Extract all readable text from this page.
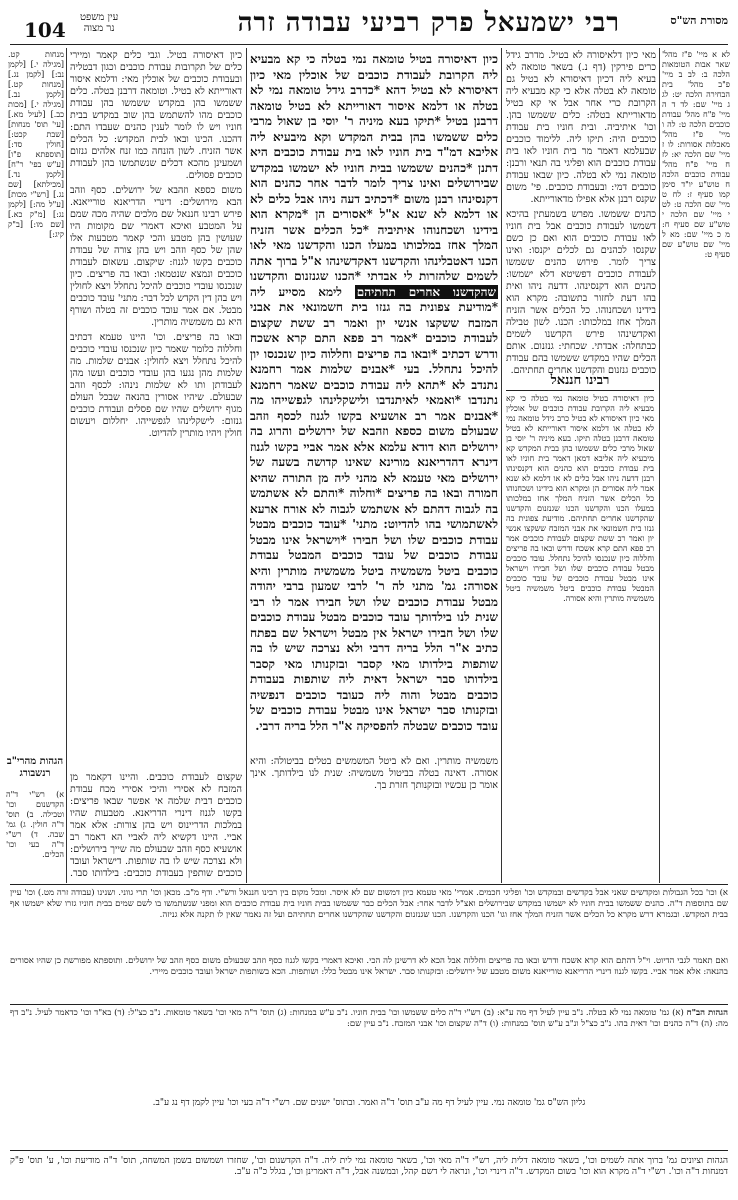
מסורת הש"ס
רבי ישמעאל פרק רביעי עבודה זרה
104
עין משפט
נר מצוה

לא א מיי' פ"ז מהל' שאר אבות הטומאות הלכה ב: לב ב מיי' פ"ב מהל' בית הבחירה הלכה יט: לג ג מיי' שם: לד ד ה מיי' פ"ח מהל' עבודת כוכבים הלכה ט: לה ו מיי' פ"ז מהל' מאכלות אסורות: לו ז מיי' שם הלכה יא: לז ח מיי' פ"ח מהל' עבודת כוכבים הלכה ח טוש"ע יו"ד סימן קמו סעיף ז: לח ט מיי' שם הלכה ט: לט י מיי' שם הלכה י טוש"ע שם סעיף ח: מ כ מיי' שם: מא ל מיי' שם טוש"ע שם סעיף ט:

מאי כיון דלאיסורה לא בטיל. מדרב גידל כרים פירקין (דף נ.) בשאר טומאה לא בעיא ליה דכיון דאיסורא לא בטיל גם טומאה לא בטלה אלא כי קא מבעיא ליה הקרובת כרי אחר אבל אי קא בטיל מדאורייתא בטלה: כלים ששמשו בהן. וכו' איתיביה. ובית חוניו בית עבודת כוכבים היה: תיקו ליה. ללימוד כוכבים שבעלמא דאמר מר בית חוניו לאו בית עבודת כוכבים הוא ופליגי בה תנאי ורבנן: טומאה נמי לא בטלה. כיון שבאו עבודת כוכבים דמי: ובעבודת כוכבים. פי' משום שקנס רבנן אלא אפילו מדאורייתא.

כהנים ששמשו. מפרש בשמעתין בהיכא דשמשו לעבודת כוכבים אבל בית חוניו לאו עבודת כוכבים הוא ואם כן כשם שקנסו לכהנים גם לכלים יקנסו: ואינו צריך לומר. פירוש כהנים ששמשו לעבודת כוכבים דפשיטא דלא ישמשו: כהנים הוא דקנסינהו. דדעה ניהו ואית בהו דעת לחזור בתשובה: מקרא הוא בידינו ושכחנוהו. כל הכלים אשר הזניח המלך אחז במלכותו: הכנו. לשון טבילה ואקדשינהו פירש הקדשנו לשמים כבתחלה: אבדתי. שכחתי: גנזנום. אותם הכלים שהיו במקדש ששמשו בהם עבודת כוכבים גנזנום והקדשנו אחרים תחתיהם.

רבינו חננאל

כיון דאיסורה בטיל טומאה נמי בטלה כי קא מבעיא ליה הקרובת עבודת כוכבים של אוכלין מאי כיון דאיסורא לא בטיל כרב גידל טומאה נמי לא בטלה או דלמא איסור דאורייתא לא בטיל טומאה דרבנן בטלה תיקו. בעא מיניה ר' יוסי בן שאול מרבי כלים ששמשו בהן בבית המקדש קא מיבעיא ליה אליבא דמאן דאמר בית חוניו לאו בית עבודת כוכבים הוא כהנים הוא דקנסינהו רבנן דדעה ניהו אבל כלים לא או דלמא לא שנא אמר ליה אסורים הן ומקרא הוא בידינו ושכחנוהו כל הכלים אשר הזניח המלך אחז במלכותו במעלו הכנו והקדשנו הכנו שגנזנום והקדשנו שהקדשנו אחרים תחתיהם. מודיעת צפונית בה גנזו בית חשמונאי את אבני המזבח ששקצו אנשי יון ואמר רב ששת שקצום לעבודת כוכבים אמר רב פפא התם קרא אשכח ודרש ובאו בה פריצים וחללוה כיון שנכנסו להיכל נתחלל. עובד כוכבים מבטל עבודת כוכבים שלו ושל חבירו וישראל אינו מבטל עבודת כוכבים של עובד כוכבים המבטל עבודת כוכבים ביטל משמשיה ביטל משמשיה מותרין והיא אסורה.

כיון דאיסורה בטיל טומאה נמי בטלה כי קא מבעיא ליה הקרובת לעבודת כוכבים של אוכלין מאי כיון דאיסורא לא בטיל דהא *כדרב גידל טומאה נמי לא בטלה או דלמא איסור דאורייתא לא בטיל טומאה דרבנן בטיל *תיקו בעא מיניה ר' יוסי בן שאול מרבי כלים ששמשו בהן בבית המקדש וקא מיבעיא ליה אליבא דמ"ד בית חוניו לאו בית עבודת כוכבים היא דתנן *כהנים ששמשו בבית חוניו לא ישמשו במקדש שבירושלים ואינו צריך לומר לדבר אחר כהנים הוא דקנסינהו רבנן משום *דכתיב דעה ניהו אבל כלים לא או דלמא לא שנא א"ל *אסורים הן *מקרא הוא בידינו ושכחנוהו איתיביה *כל הכלים אשר הזניח המלך אחז במלכותו במעלו הכנו והקדשנו מאי לאו הכנו דאטבלינהו והקדשנו דאקדשינהו א"ל ברוך אתה לשמים שלהזרות לי אבדתי *הכנו שגנזנום והקדשנו שהקדשנו אחרים תחתיהם לימא מסייע ליה *מודיעת צפונית בה גנזו בית חשמונאי את אבני המזבח ששקצו אנשי יון ואמר רב ששת שקצום לעבודת כוכבים *אמר רב פפא התם קרא אשכח ודרש דכתיב *ובאו בה פריצים וחללוה כיון שנכנסו יון להיכל נתחלל. בעי *אבנים שלמות אמר רחמנא נתנדב לא *תהא ליה עבודת כוכבים שאמר רחמנא נתנדבו *ואמאי לאיתנדבו ולישקלינהו לגפשייהו מה *אבנים אמר רב אושעיא בקשו לגנוז לכסף וזהב שבעולם משום כספא וזהבא של ירושלים והרוג בה ירושלים הוא דודא עלמא אלא אמר אביי בקשו לגנוז דינרא דהדריאנא מורינא שאינו קדושה בשעה של ירושלים מאי טעמא לא מהני ליה מן התורה שהיא חמורה ובאו בה פריצים *וחלוה *והתם לא אשתמש בה לגבוה דהתם לא אשתמש לגבוה לא אורח ארעא לאשתמושי בהו להדיוט: מתני' *עובד כוכבים מבטל עבודת כוכבים שלו ושל חבירו *וישראל אינו מבטל עבודת כוכבים של עובד כוכבים המבטל עבודת כוכבים ביטל משמשיה ביטל משמשיה מותרין והיא אסורה: גמ' מתני לה ר' לרבי שמעון ברבי יהודה מבטל עבודת כוכבים שלו ושל חבירו אמר לו רבי שנית לנו בילדותך עובד כוכבים מבטל עבודת כוכבים שלו ושל חבירו ישראל אין מבטל וישראל שם בפתח כתיב א"ר הלל בריה דרבי ולא נצרכה שיש לו בה שותפות בילדותו מאי קסבר ובזקנותו מאי קסבר בילדותו סבר ישראל דאית ליה שותפות בעבודת כוכבים מבטל והוה ליה כעובד כוכבים דנפשיה ובזקנותו סבר ישראל אינו מבטל עבודת כוכבים של עובד כוכבים שבטלה להפסיקה א"ר הלל בריה דרבי.

כיון דאיסורה בטיל. וגבי כלים קאמר ומיירי כלים של תקרובות עבודת כוכבים וכגון דבטליה ובעבודת כוכבים של אוכלין מאי: ודלמא איסור דאורייתא לא בטיל. וטומאה דרבנן בטלה. כלים ששמשו בהן במקדש ששמשו בהן עבודת כוכבים מהו להשתמש בהן שוב במקדש בבית חוניו ויש לו לומר לענין כהנים שעבדו התם: דהכנו. הכינו ובאו לבית המקדש: כל הכלים אשר הזניח. לשון הזנחה כמו זנח אלהים גנזום ושמעינן מהכא דכלים שנשתמשו בהן לעבודת כוכבים פסולים.

משום כספא וזהבא של ירושלים. כסף וזהב הבא מירושלים: דינרי הדריאנא טורייאנא. פירש רבינו חננאל שם מלכים שהיה מכה שמם על המטבע ואיכא דאמרי שם מקומות היו שעושין בהן מטבע והכי קאמר מטבעות אלו שהן של כסף וזהב ויש בהן צורה של עבודת כוכבים בקשו לגנוז: שיקצום. עשאום לעבודת כוכבים ונמצא שנטמאו: ובאו בה פריצים. כיון שנכנסו עובדי כוכבים להיכל נתחלל ויצא לחולין ויש בהן דין הקדש לכל דבר: מתני' עובד כוכבים מבטל. אם אמר עובד כוכבים זה בטלה ושורף היא גם משמשיה מותרין.

ובאו בה פריצים. וכו' היינו טעמא דכתיב וחללוה כלומר שאמר כיון שנכנסו עובדי כוכבים להיכל נתחלל ויצא לחולין: אבנים שלמות. מה שלמות מהן נגעו בהן עובדי כוכבים ועשו מהן לעבודתן ותו לא שלמות נינהו: לכסף וזהב שבעולם. שיהיו אסורין בהנאה שבכל העולם מגוף ירושלים שהיו שם פסלים ועבודת כוכבים גנזום: לישקלינהו לגפשייהו. יחללום ויעשום חולין ויהיו מותרין להדיוט.

מנחות קט. [מגילה י.] [לקמן נב:] [לקמן נג.] [מנחות קט.] [לקמן נב.] [מגילה י.] [מכות כב.] [לעיל מא.] [עי' תוס' מנחות] [שבת קכט:] [חולין סד:] [תוספתא פ"ו] [ע"ש בפי' ר"ח] [לקמן נד.] [מכילתא] [שם נג.] [רש"י מכות] [ע"ל מה:] [לקמן נג:] [מ"ק כא.] [שם מו:] [ב"ק קיג:]

הגהות מהרי"ב רנשבורג

א) רש"י ד"ה הקדשנום וכו' וטבילה. ב) תוס' ד"ה חולין. ג) גמ' שבה. ד) רש"י ד"ה בעי וכו' הכלים.

שקצום לעבודת כוכבים. והיינו דקאמר מן המזבח לא אסירי והיכי אסירי מכח עבודת כוכבים דבית שלמה אי אפשר שבאו פריצים: בקשו לגנוז דינרי הדריאנא. מטבעות שהיו במלכות הדריינוס ויש בהן צורות: אלא אמר אביי. היינו דקשיא ליה לאביי הא דאמר רב אושעיא כסף וזהב שבעולם מה שייך בירושלים: ולא נצרכה שיש לו בה שותפות. דישראל ועובד כוכבים שותפין בעבודת כוכבים: בילדותו סבר.

משמשיה מותרין. ואם לא ביטל המשמשים בטלים בביטולה: והיא אסורה. דאינה בטלה בביטול משמשיה: שנית לנו בילדותך. אינך אומר כן עכשיו ובזקנותך חזרת בך.

א) וכו' בכל הגבולות ומקדשים שאני אבל בקדשים ובמקדש וכו' ופליגי חכמים. אמרי' מאי טעמא כיון דמשום שם לא איסר. ומכל מקום בין רבינו חננאל ורש"י. ודף מ"ב. מכאן וכו' תרי גווני. ושנינו (עבודה זרה מט.) וכו' עיין שם בתוספות ד"ה. כהנים ששמשו בבית חוניו לא ישמשו במקדש שבירושלים ואצ"ל לדבר אחר: אבל הכלים כבר ששמשו בבית חוניו בית עבודת כוכבים הוא ומפני שנשתמשו בו לשם שמים בבית חוניו גזרו שלא ישמשו אף בבית המקדש. ובגמרא דרש מקרא כל הכלים אשר הזניח המלך אחז וגו' הכנו והקדשנו. הכנו שגנזנום והקדשנו שהקדשנו אחרים תחתיהם ועל זה נאמר שאין לו תקנה אלא גניזה.
ואם תאמר לגבי הדיוט. וי"ל דהתם הוא קרא אשכח ודרש ובאו בה פריצים וחללוה אבל הכא לא דרשינן לה הכי. ואיכא דאמרי בקשו לגנוז כסף וזהב שבעולם משום כסף וזהב של ירושלים. ותוספתא מפורשת כן שהיו אסורים בהנאה: אלא אמר אביי. בקשו לגנוז דינרי הדריאנא טורייאנא משום מטבע של ירושלים: ובזקנותו סבר. ישראל אינו מבטל כלל: ושותפות. הכא בשותפות ישראל ועובד כוכבים מיירי.
הגהות הב"ח (א) גמ' טומאה נמי לא בטלה. נ"ב עיין לעיל דף מה ע"א: (ב) רש"י ד"ה כלים ששמשו וכו' בבית חוניו. נ"ב ע"ש במנחות: (ג) תוס' ד"ה מאי וכו' בשאר טומאות. נ"ב כצ"ל: (ד) בא"ד וכו' כדאמר לעיל. נ"ב דף מה: (ה) ד"ה כהנים וכו' דאית בהו. נ"ב כצ"ל ונ"ב ע"ש תוס' במנחות: (ו) ד"ה שקצום וכו' אבני המזבח. נ"ב עיין שם:
גליון הש"ס גמ' טומאה נמי. עיין לעיל דף מה ע"ב תוס' ד"ה ואמר. ובתוס' ישנים שם. רש"י ד"ה בעי וכו' עיין לקמן דף נג ע"ב.
הגהות וציונים גמ' ברוך אתה לשמים וכו', בשאר טומאה דלית ליה, רש"י ד"ה מאי וכו', בשאר טומאה נמי לית ליה. ד"ה הקדשנום וכו', שחזרו ושמשום בשמן המשחה, תוס' ד"ה מודיעת וכו', ע' תוס' פ"ק דמנחות ד"ה וכו'. רש"י ד"ה מקרא הוא וכו' בשום המקדש. ד"ה דינרי וכו', ונראה לי דשם קהל, ובמשנה אבל, ד"ה דאמרינן וכו', בגלל כ"ה ע"ב.
